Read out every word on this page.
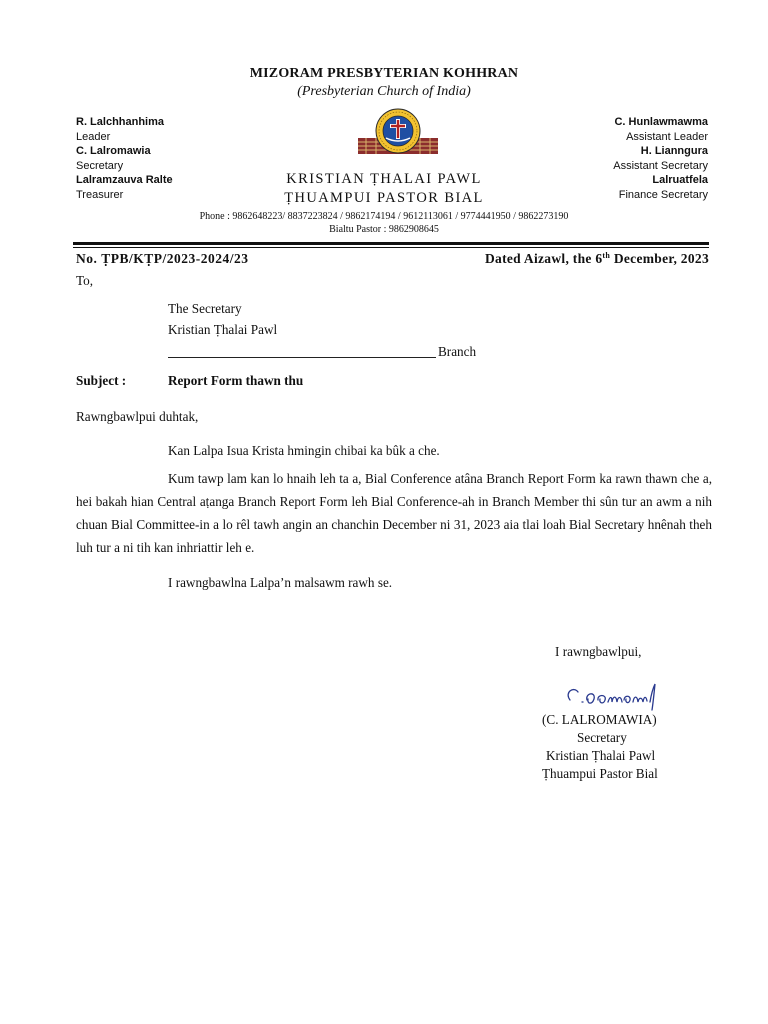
MIZORAM PRESBYTERIAN KOHHRAN
(Presbyterian Church of India)
R. Lalchhanhima
Leader
C. Lalromawia
Secretary
Lalramzauva Ralte
Treasurer
C. Hunlawmawma
Assistant Leader
H. Lianngura
Assistant Secretary
Lalruatfela
Finance Secretary
KRISTIAN ṬHALAI PAWL
ṬHUAMPUI PASTOR BIAL
Phone : 9862648223/ 8837223824 / 9862174194 / 9612113061 / 9774441950 / 9862273190
Bialtu Pastor : 9862908645
No. ṬPB/KṬP/2023-2024/23	Dated Aizawl, the 6th December, 2023
To,
The Secretary
Kristian Ṭhalai Pawl
Branch
Subject :	Report Form thawn thu
Rawngbawlpui duhtak,
Kan Lalpa Isua Krista hmingin chibai ka bûk a che.
Kum tawp lam kan lo hnaih leh ta a, Bial Conference atâna Branch Report Form ka rawn thawn che a, hei bakah hian Central aṭanga Branch Report Form leh Bial Conference-ah in Branch Member thi sûn tur an awm a nih chuan Bial Committee-in a lo rêl tawh angin an chanchin December ni 31, 2023 aia tlai loah Bial Secretary hnênah theh luh tur a ni tih kan inhriattir leh e.
I rawngbawlna Lalpa’n malsawm rawh se.
I rawngbawlpui,
(C. LALROMAWIA)
Secretary
Kristian Ṭhalai Pawl
Ṭhuampui Pastor Bial
